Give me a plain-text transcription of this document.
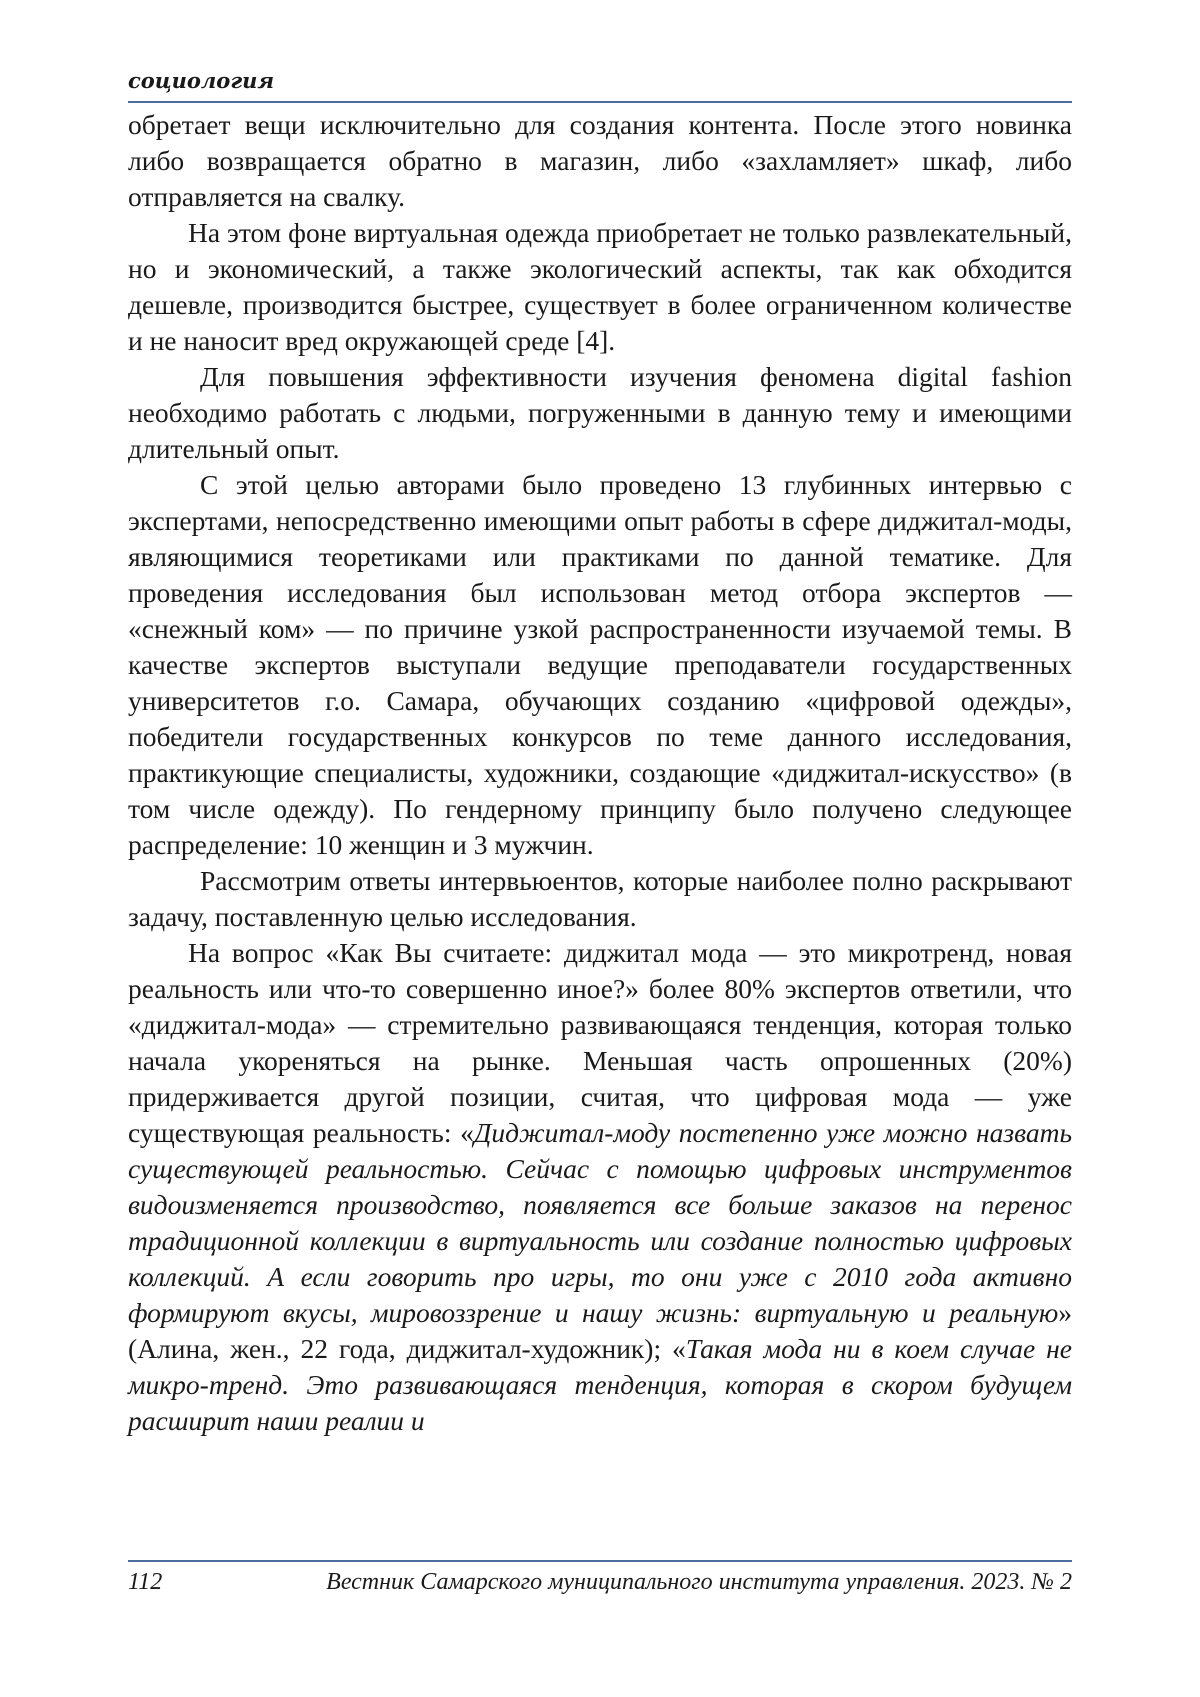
социология

обретает вещи исключительно для создания контента. После этого новинка либо возвращается обратно в магазин, либо «захламляет» шкаф, либо отправляется на свалку.

На этом фоне виртуальная одежда приобретает не только развлекательный, но и экономический, а также экологический аспекты, так как обходится дешевле, производится быстрее, существует в более ограниченном количестве и не наносит вред окружающей среде [4].

Для повышения эффективности изучения феномена digital fashion необходимо работать с людьми, погруженными в данную тему и имеющими длительный опыт.

С этой целью авторами было проведено 13 глубинных интервью с экспертами, непосредственно имеющими опыт работы в сфере диджитал-моды, являющимися теоретиками или практиками по данной тематике. Для проведения исследования был использован метод отбора экспертов — «снежный ком» — по причине узкой распространенности изучаемой темы. В качестве экспертов выступали ведущие преподаватели государственных университетов г.о. Самара, обучающих созданию «цифровой одежды», победители государственных конкурсов по теме данного исследования, практикующие специалисты, художники, создающие «диджитал-искусство» (в том числе одежду). По гендерному принципу было получено следующее распределение: 10 женщин и 3 мужчин.

Рассмотрим ответы интервьюентов, которые наиболее полно раскрывают задачу, поставленную целью исследования.

На вопрос «Как Вы считаете: диджитал мода — это микротренд, новая реальность или что-то совершенно иное?» более 80% экспертов ответили, что «диджитал-мода» — стремительно развивающаяся тенденция, которая только начала укореняться на рынке. Меньшая часть опрошенных (20%) придерживается другой позиции, считая, что цифровая мода — уже существующая реальность: «Диджитал-моду постепенно уже можно назвать существующей реальностью. Сейчас с помощью цифровых инструментов видоизменяется производство, появляется все больше заказов на перенос традиционной коллекции в виртуальность или создание полностью цифровых коллекций. А если говорить про игры, то они уже с 2010 года активно формируют вкусы, мировоззрение и нашу жизнь: виртуальную и реальную» (Алина, жен., 22 года, диджитал-художник); «Такая мода ни в коем случае не микро-тренд. Это развивающаяся тенденция, которая в скором будущем расширит наши реалии и

112	Вестник Самарского муниципального института управления. 2023. № 2
